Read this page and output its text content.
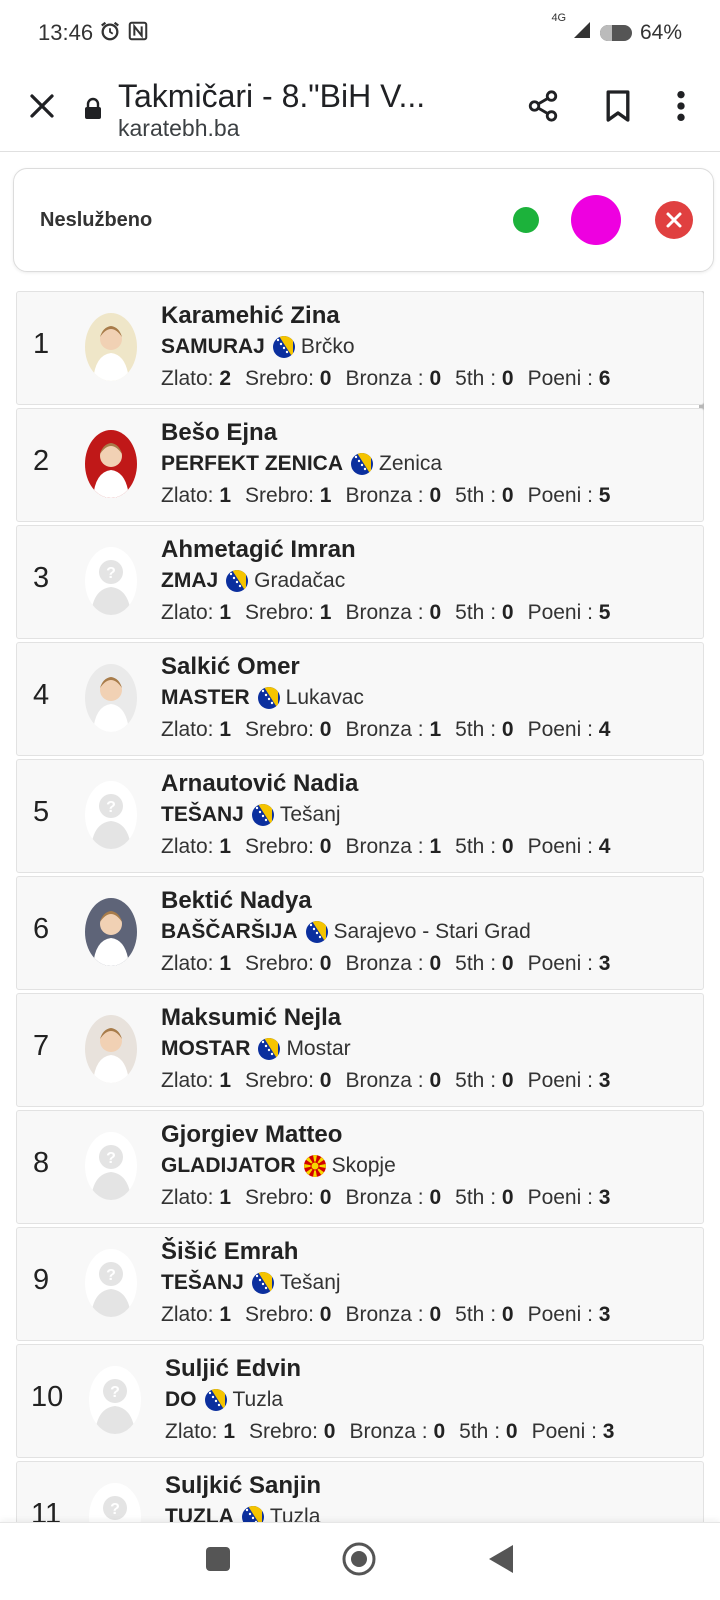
13:46
$^{4G}$
64%
Takmičari - 8."BiH V...
karatebh.ba
Neslužbeno
1
Karamehić Zina
SAMURAJ Brčko
Zlato: 2 Srebro: 0 Bronza : 0 5th : 0 Poeni : 6
2
Bešo Ejna
PERFEKT ZENICA Zenica
Zlato: 1 Srebro: 1 Bronza : 0 5th : 0 Poeni : 5
3	?
Ahmetagić Imran
ZMAJ Gradačac
Zlato: 1 Srebro: 1 Bronza : 0 5th : 0 Poeni : 5
4
Salkić Omer
MASTER Lukavac
Zlato: 1 Srebro: 0 Bronza : 1 5th : 0 Poeni : 4
5	?
Arnautović Nadia
TEŠANJ Tešanj
Zlato: 1 Srebro: 0 Bronza : 1 5th : 0 Poeni : 4
6
Bektić Nadya
BAŠČARŠIJA Sarajevo - Stari Grad
Zlato: 1 Srebro: 0 Bronza : 0 5th : 0 Poeni : 3
7
Maksumić Nejla
MOSTAR Mostar
Zlato: 1 Srebro: 0 Bronza : 0 5th : 0 Poeni : 3
8	?
Gjorgiev Matteo
GLADIJATOR Skopje
Zlato: 1 Srebro: 0 Bronza : 0 5th : 0 Poeni : 3
9	?
Šišić Emrah
TEŠANJ Tešanj
Zlato: 1 Srebro: 0 Bronza : 0 5th : 0 Poeni : 3
10	?
Suljić Edvin
DO Tuzla
Zlato: 1 Srebro: 0 Bronza : 0 5th : 0 Poeni : 3
11	?
Suljkić Sanjin
TUZLA Tuzla
